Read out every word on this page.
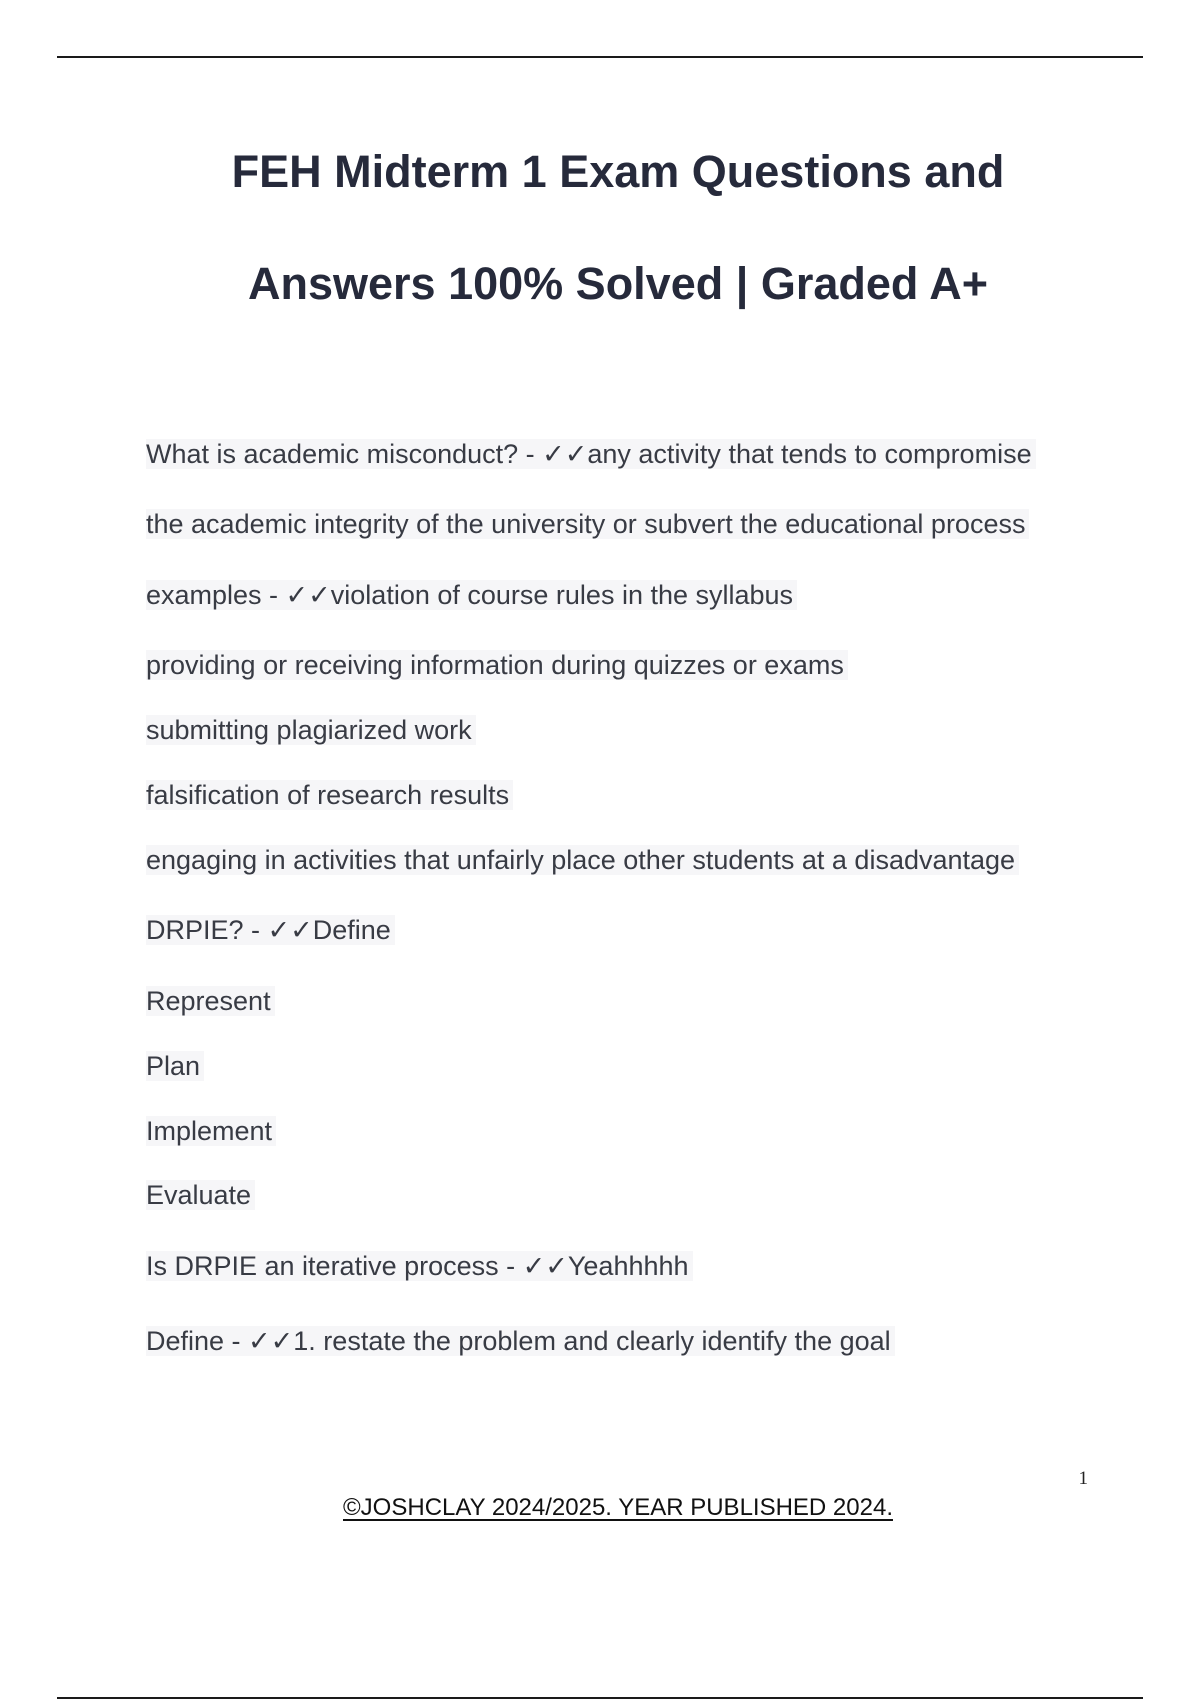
FEH Midterm 1 Exam Questions and
Answers 100% Solved | Graded A+
What is academic misconduct? - ✓✓any activity that tends to compromise
the academic integrity of the university or subvert the educational process
examples - ✓✓violation of course rules in the syllabus
providing or receiving information during quizzes or exams
submitting plagiarized work
falsification of research results
engaging in activities that unfairly place other students at a disadvantage
DRPIE? - ✓✓Define
Represent
Plan
Implement
Evaluate
Is DRPIE an iterative process - ✓✓Yeahhhhh
Define - ✓✓1. restate the problem and clearly identify the goal
1
©JOSHCLAY 2024/2025. YEAR PUBLISHED 2024.
